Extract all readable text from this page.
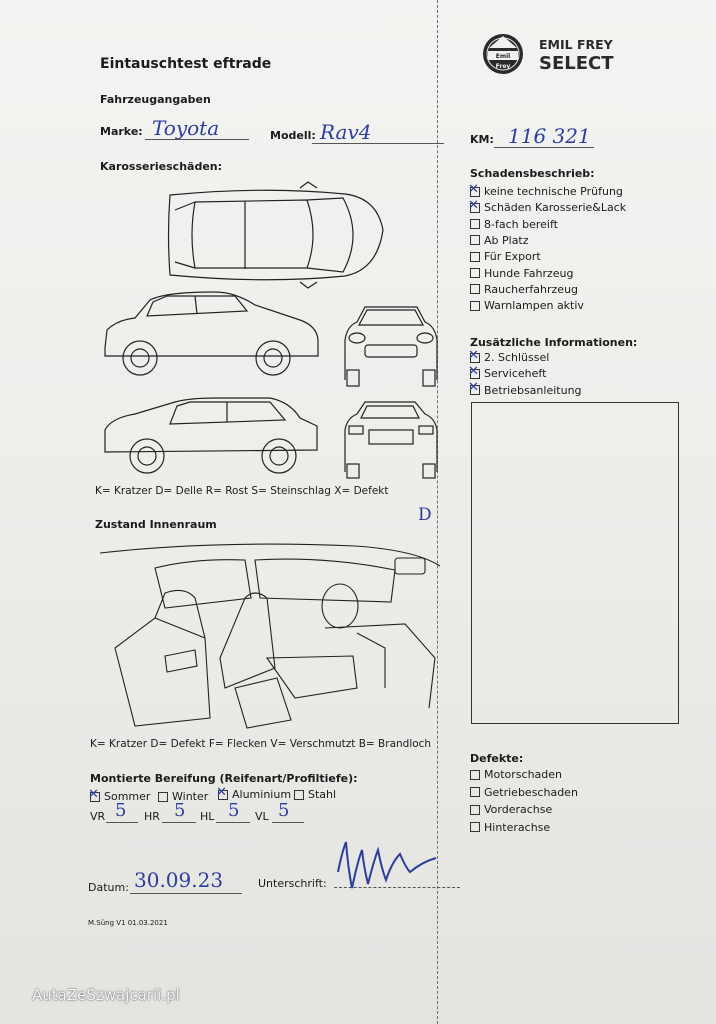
Emil
Frey
EMIL FREY
SELECT
Eintauschtest eftrade
Fahrzeugangaben
Marke: Toyota	Modell: Rav4	KM: 116 321
Karosserieschäden:
K= Kratzer D= Delle R= Rost S= Steinschlag X= Defekt
D
Zustand Innenraum
K= Kratzer D= Defekt F= Flecken V= Verschmutzt B= Brandloch
Montierte Bereifung (Reifenart/Profiltiefe):
✕
Sommer Winter
✕ Aluminium Stahl
VR 5 HR 5 HL 5 VL 5
Datum: 30.09.23	Unterschrift:
M.Süng V1 01.03.2021
Schadensbeschrieb:
✕
keine technische Prüfung
✕
Schäden Karosserie&Lack
8-fach bereift
Ab Platz
Für Export
Hunde Fahrzeug
Raucherfahrzeug
Warnlampen aktiv
Zusätzliche Informationen:
✕
2. Schlüssel
✕
Serviceheft
✕
Betriebsanleitung
Defekte:
Motorschaden
Getriebeschaden
Vorderachse
Hinterachse
AutaZeSzwajcarii.pl
